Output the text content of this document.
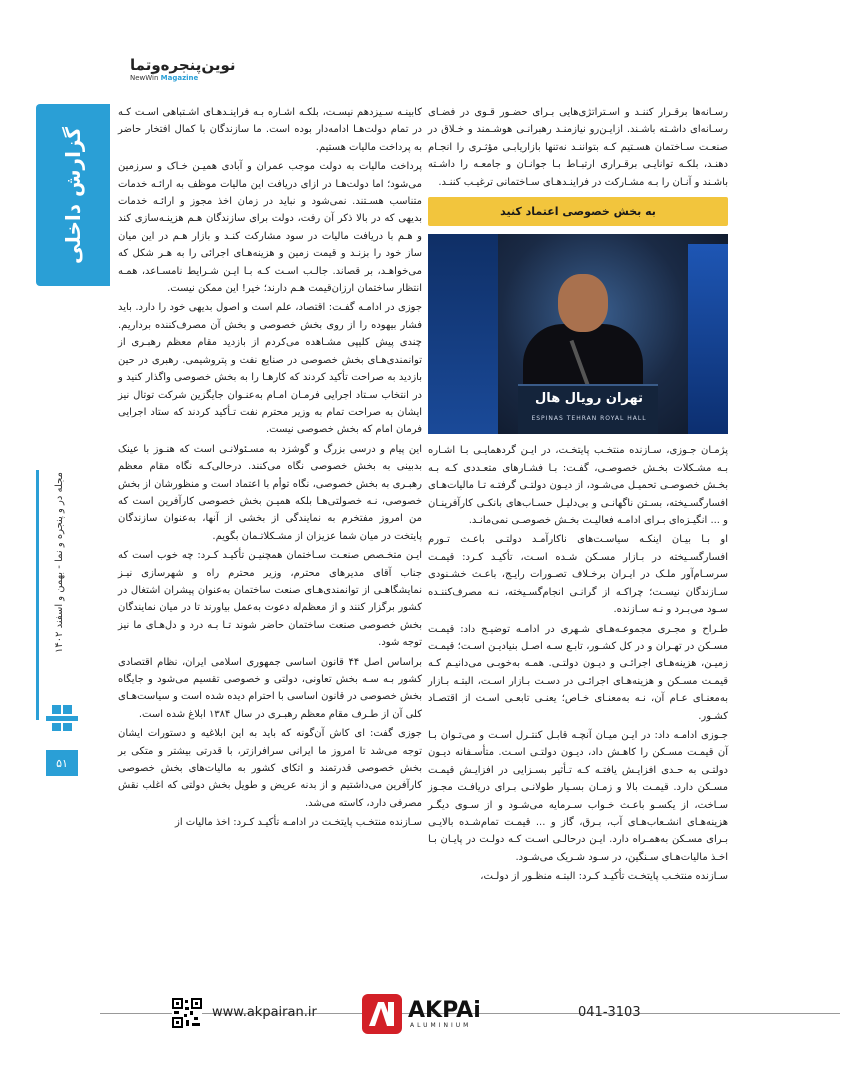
نوین‌پنجره‌وتما
NewWin Magazine
گزارش داخلی
مجله در و پنجره و نما - بهمن و اسفند ۱۴۰۲
۵۱

کابینـه سـیزدهم نیسـت، بلکـه اشـاره بـه فراینـدهـای اشـتباهی اسـت کـه در تمام دولت‌هـا ادامه‌دار بوده است. ما سازندگان با کمال افتخار حاضر به پرداخت مالیات هستیم.

پرداخت مالیات به دولت موجب عمران و آبادی همیـن خـاک و سرزمین می‌شود؛ اما دولت‌هـا در ازای دریافت این مالیات موظف به ارائـه خدمات متناسب هسـتند. نمی‌شود و نباید در زمان اخذ مجوز و ارائـه خدمات بدیهی که در بالا ذکر آن رفت، دولت برای سازندگان هـم هزینـه‌سازی کند و هـم با دریافت مالیات در سود مشارکت کنـد و بازار هـم در این میان ساز خود را بزنـد و قیمت زمین و هزینه‌هـای اجرائی را به هـر شکل که می‌خواهـد، بر قصاند. جالـب اسـت کـه بـا ایـن شـرایط نامسـاعد، همـه انتظار ساختمان ارزان‌قیمت هـم دارند؛ خیر! این ممکن نیست.

جوزی در ادامـه گفـت: اقتصاد، علم است و اصول بدیهی خود را دارد. باید فشار بیهوده را از روی بخش خصوصی و بخش آن مصرف‌کننده برداریم. چندی پیش کلیپی مشـاهده می‌کردم از بازدید مقام معظم رهبـری از توانمندی‌هـای بخش خصوصی در صنایع نفت و پتروشیمی. رهبری در حین بازدید به صراحت تأکید کردند که کارهـا را به بخش خصوصی واگذار کنید و در انتخاب سـتاد اجرایی فرمـان امـام به‌عنـوان جایگزین شرکت توتال نیز ایشان به صراحت تمام به وزیر محترم نفت تـأکید کردند که ستاد اجرایی فرمان امام که بخش خصوصی نیست.

این پیام و درسی بزرگ و گوشزد به مسـئولانـی است که هنـوز با عینک بدبینی به بخش خصوصی نگاه می‌کنند. درحالی‌کـه نگاه مقام معظم رهبـری به بخش خصوصی، نگاه توأم با اعتماد است و منظورشان از بخش خصوصی، نـه خصولتی‌هـا بلکه همیـن بخش خصوصی کارآفرین است که من امروز مفتخرم به نمایندگی از بخشی از آنها، به‌عنوان سازندگان پایتخت در میان شما عزیزان از مشـکلاتـمان بگویم.

ایـن متخـصص صنعـت سـاختمان همچنیـن تأکیـد کـرد: چه خوب است که جناب آقای مدیرهای محترم، وزیر محترم راه و شهرسازی نیـز نمایشگاهـی از توانمندی‌هـای صنعت ساختمان به‌عنوان پیشران اشتغال در کشور برگزار کنند و از معظم‌له دعوت به‌عمل بیاورند تا در میان نمایندگان بخش خصوصی صنعت ساختمان حاضر شوند تـا بـه درد و دل‌هـای ما نیز توجه شود.

براساس اصل ۴۴ قانون اساسی جمهوری اسلامی ایران، نظام اقتصادی کشور بـه سـه بخش تعاونی، دولتی و خصوصی تقسیم می‌شود و جایگاه بخش خصوصی در قانون اساسی با احترام دیده شده است و سیاست‌هـای کلی آن از طـرف مقام معظم رهبـری در سال ۱۳۸۴ ابلاغ شده است.

جوزی گفت: ای کاش آن‌گونه که باید به این ابلاغیه و دستورات ایشان توجه می‌شد تا امروز ما ایرانی سرافرازتر، با قدرتی بیشتر و متکی بر بخش خصوصی قدرتمند و اتکای کشور به مالیات‌های بخش خصوصی کارآفرین می‌داشتیم و از بدنه عریض و طویل بخش دولتی که اغلب نقش مصرفی دارد، کاسته می‌شد.

سـازنده منتخـب پایتخـت در ادامـه تأکیـد کـرد: اخذ مالیات از

رسـانه‌ها برقـرار کننـد و اسـتراتژی‌هایی بـرای حضـور قـوی در فضـای رسـانه‌ای داشـته باشـند. ازایـن‌رو نیازمنـد رهبرانـی هوشـمند و خـلاق در صنعـت سـاختمان هسـتیم کـه بتواننـد نه‌تنها بازاریابـی مؤثـری را انجـام دهنـد، بلکـه توانایـی برقـراری ارتبـاط بـا جوانـان و جامعـه را داشـته باشـند و آنـان را بـه مشـارکت در فراینـدهـای سـاختمانی ترغیـب کننـد.

به بخش خصوصی اعتماد کنید
تهران رویال هال
ESPINAS TEHRAN ROYAL HALL

پژمـان جـوزی، سـازنده منتخـب پایتخـت، در ایـن گردهمایـی بـا اشـاره بـه مشـکلات بخـش خصوصـی، گفـت: بـا فشـارهای متعـددی کـه بـه بخـش خصوصـی تحمیـل می‌شـود، از دیـون دولتـی گرفتـه تـا مالیات‌هـای افسارگسـیخته، بسـتن ناگهانـی و بی‌دلیـل حسـاب‌های بانکـی کارآفرینـان و ... انگیـزه‌ای بـرای ادامـه فعالیـت بخـش خصوصـی نمی‌مانـد.

او بـا بیـان اینکـه سیاسـت‌های ناکارآمـد دولتـی باعـث تـورم افسارگسـیخته در بـازار مسـکن شـده اسـت، تأکیـد کـرد: قیمـت سرسـام‌آور ملـک در ایـران برخـلاف تصـورات رایـج، باعـث خشـنودی سـازندگان نیسـت؛ چراکـه از گرانـی انجام‌گسـیخته، نـه مصرف‌کننـده سـود می‌بـرد و نـه سـازنده.

طـراح و مجـری مجموعـه‌هـای شـهری در ادامـه توضیـح داد: قیمـت مسـکن در تهـران و در کل کشـور، تابـع سـه اصـل بنیادیـن اسـت؛ قیمـت زمیـن، هزینه‌هـای اجرائـی و دیـون دولتـی. همـه به‌خوبـی می‌دانیـم کـه قیمـت مسـکن و هزینه‌هـای اجرائـی در دسـت بـازار اسـت، البتـه بـازار به‌معنـای عـام آن، نـه به‌معنـای خـاص؛ یعنـی تابعـی اسـت از اقتصـاد کشـور.

جـوزی ادامـه داد: در ایـن میـان آنچـه قابـل کنتـرل اسـت و می‌تـوان بـا آن قیمـت مسـکن را کاهـش داد، دیـون دولتـی اسـت. متأسـفانه دیـون دولتـی به حـدی افزایـش یافتـه کـه تـأثیر بسـزایی در افزایـش قیمـت مسـکن دارد. قیمـت بالا و زمـان بسـیار طولانـی بـرای دریافـت مجـوز سـاخت، از یکسـو باعـث خـواب سـرمایه می‌شـود و از سـوی دیگـر هزینه‌هـای انشـعاب‌هـای آب، بـرق، گاز و ... قیمـت تمام‌شـده بالایـی بـرای مسـکن به‌همـراه دارد. ایـن درحالـی اسـت کـه دولـت در پایـان بـا اخـذ مالیات‌هـای سـنگین، در سـود شـریک می‌شـود.

سـازنده منتخـب پایتخـت تأکیـد کـرد: البتـه منظـور از دولـت،

www.akpairan.ir	AKPAi
ALUMINIUM
041-3103
